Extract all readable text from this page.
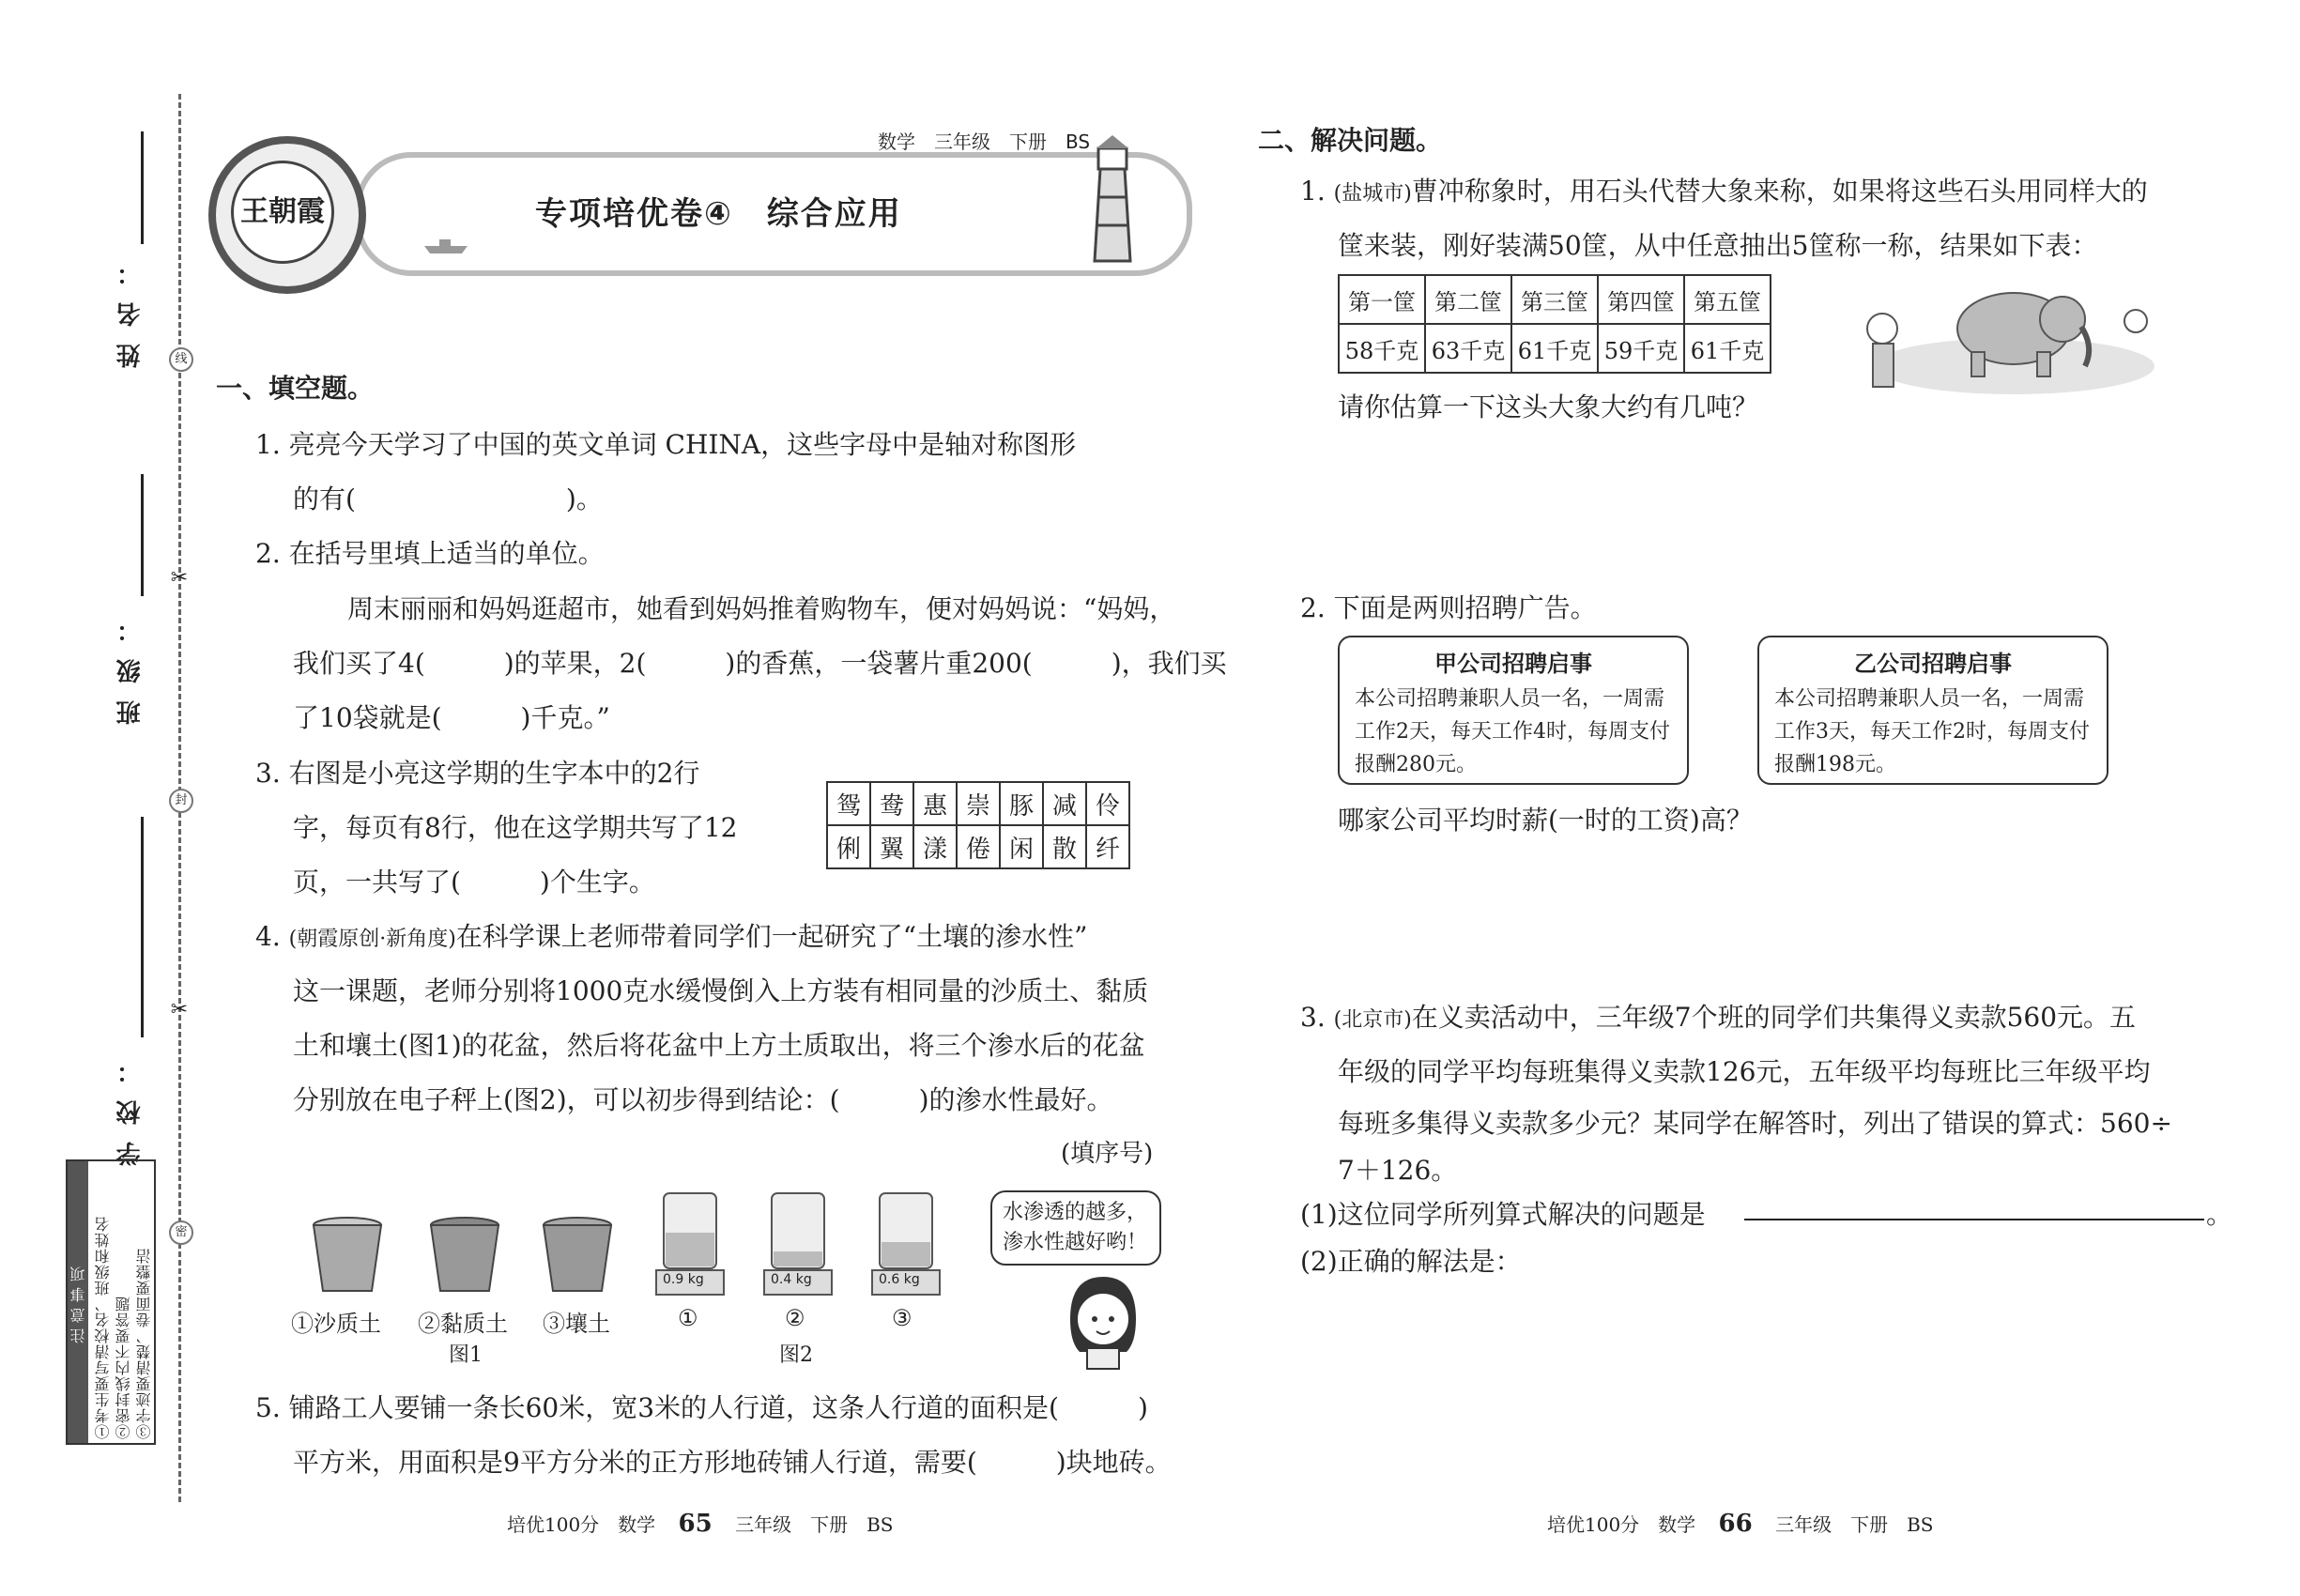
姓名：
班级：
学校：
线
✂
封
✂
密
注意事项 ①考生要写清校名、班级和姓名 ②密封线内不要答题 ③字迹要清楚、卷面要整洁
王朝霞
数学　三年级　下册　BS
专项培优卷④　综合应用
一、填空题。
1. 亮亮今天学习了中国的英文单词 CHINA，这些字母中是轴对称图形
的有(　　　　　　　　)。
2. 在括号里填上适当的单位。
周末丽丽和妈妈逛超市，她看到妈妈推着购物车，便对妈妈说：“妈妈，
我们买了4(　　　)的苹果，2(　　　)的香蕉，一袋薯片重200(　　　)，我们买
了10袋就是(　　　)千克。”
3. 右图是小亮这学期的生字本中的2行
字，每页有8行，他在这学期共写了12
页，一共写了(　　　)个生字。
鸳	鸯	惠	崇	豚	减	伶
俐	翼	漾	倦	闲	散	纤
4. (朝霞原创·新角度)在科学课上老师带着同学们一起研究了“土壤的渗水性”
这一课题，老师分别将1000克水缓慢倒入上方装有相同量的沙质土、黏质
土和壤土(图1)的花盆，然后将花盆中上方土质取出，将三个渗水后的花盆
分别放在电子秤上(图2)，可以初步得到结论：(　　　)的渗水性最好。
(填序号)
①沙质土 ②黏质土 ③壤土
图1
0.9 kg	0.4 kg	0.6 kg
①	②	③
图2
水渗透的越多，渗水性越好哟！
5. 铺路工人要铺一条长60米，宽3米的人行道，这条人行道的面积是(　　　)
平方米，用面积是9平方分米的正方形地砖铺人行道，需要(　　　)块地砖。
二、解决问题。
1. (盐城市)曹冲称象时，用石头代替大象来称，如果将这些石头用同样大的
筐来装，刚好装满50筐，从中任意抽出5筐称一称，结果如下表：
第一筐	第二筐	第三筐	第四筐	第五筐
58千克	63千克	61千克	59千克	61千克
请你估算一下这头大象大约有几吨？
2. 下面是两则招聘广告。
甲公司招聘启事
本公司招聘兼职人员一名，一周需工作2天，每天工作4时，每周支付报酬280元。
乙公司招聘启事
本公司招聘兼职人员一名，一周需工作3天，每天工作2时，每周支付报酬198元。
哪家公司平均时薪(一时的工资)高？
3. (北京市)在义卖活动中，三年级7个班的同学们共集得义卖款560元。五
年级的同学平均每班集得义卖款126元，五年级平均每班比三年级平均
每班多集得义卖款多少元？某同学在解答时，列出了错误的算式：560÷
7＋126。
(1)这位同学所列算式解决的问题是	。
(2)正确的解法是：
培优100分　数学 65 三年级　下册　BS	培优100分　数学 66 三年级　下册　BS
